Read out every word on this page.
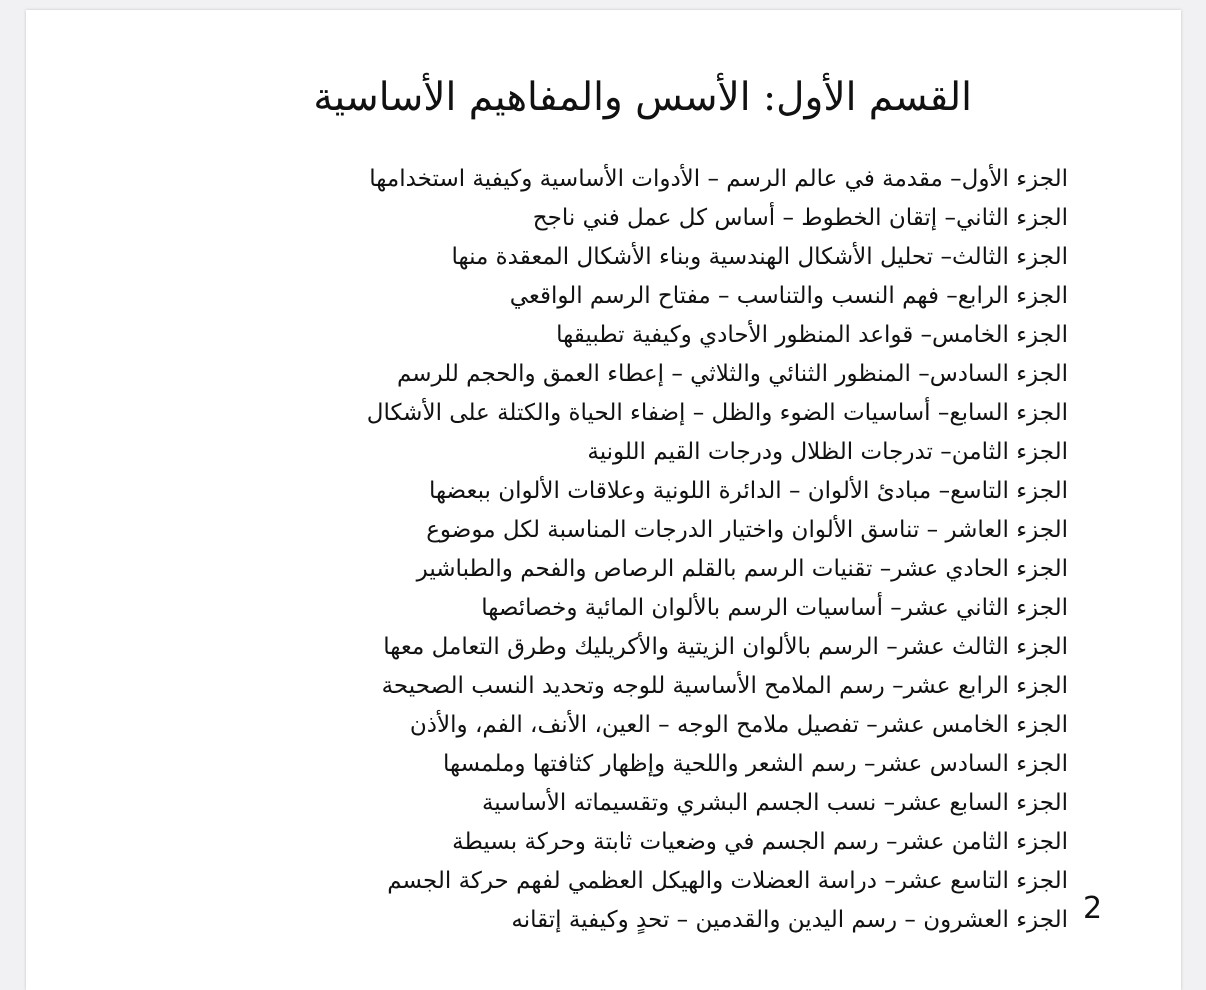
القسم الأول: الأسس والمفاهيم الأساسية
الجزء الأول– مقدمة في عالم الرسم – الأدوات الأساسية وكيفية استخدامها
الجزء الثاني– إتقان الخطوط – أساس كل عمل فني ناجح
الجزء الثالث– تحليل الأشكال الهندسية وبناء الأشكال المعقدة منها
الجزء الرابع– فهم النسب والتناسب – مفتاح الرسم الواقعي
الجزء الخامس– قواعد المنظور الأحادي وكيفية تطبيقها
الجزء السادس– المنظور الثنائي والثلاثي – إعطاء العمق والحجم للرسم
الجزء السابع– أساسيات الضوء والظل – إضفاء الحياة والكتلة على الأشكال
الجزء الثامن– تدرجات الظلال ودرجات القيم اللونية
الجزء التاسع– مبادئ الألوان – الدائرة اللونية وعلاقات الألوان ببعضها
الجزء العاشر – تناسق الألوان واختيار الدرجات المناسبة لكل موضوع
الجزء الحادي عشر– تقنيات الرسم بالقلم الرصاص والفحم والطباشير
الجزء الثاني عشر– أساسيات الرسم بالألوان المائية وخصائصها
الجزء الثالث عشر– الرسم بالألوان الزيتية والأكريليك وطرق التعامل معها
الجزء الرابع عشر– رسم الملامح الأساسية للوجه وتحديد النسب الصحيحة
الجزء الخامس عشر– تفصيل ملامح الوجه – العين، الأنف، الفم، والأذن
الجزء السادس عشر– رسم الشعر واللحية وإظهار كثافتها وملمسها
الجزء السابع عشر– نسب الجسم البشري وتقسيماته الأساسية
الجزء الثامن عشر– رسم الجسم في وضعيات ثابتة وحركة بسيطة
الجزء التاسع عشر– دراسة العضلات والهيكل العظمي لفهم حركة الجسم
الجزء العشرون – رسم اليدين والقدمين – تحدٍ وكيفية إتقانه 2
